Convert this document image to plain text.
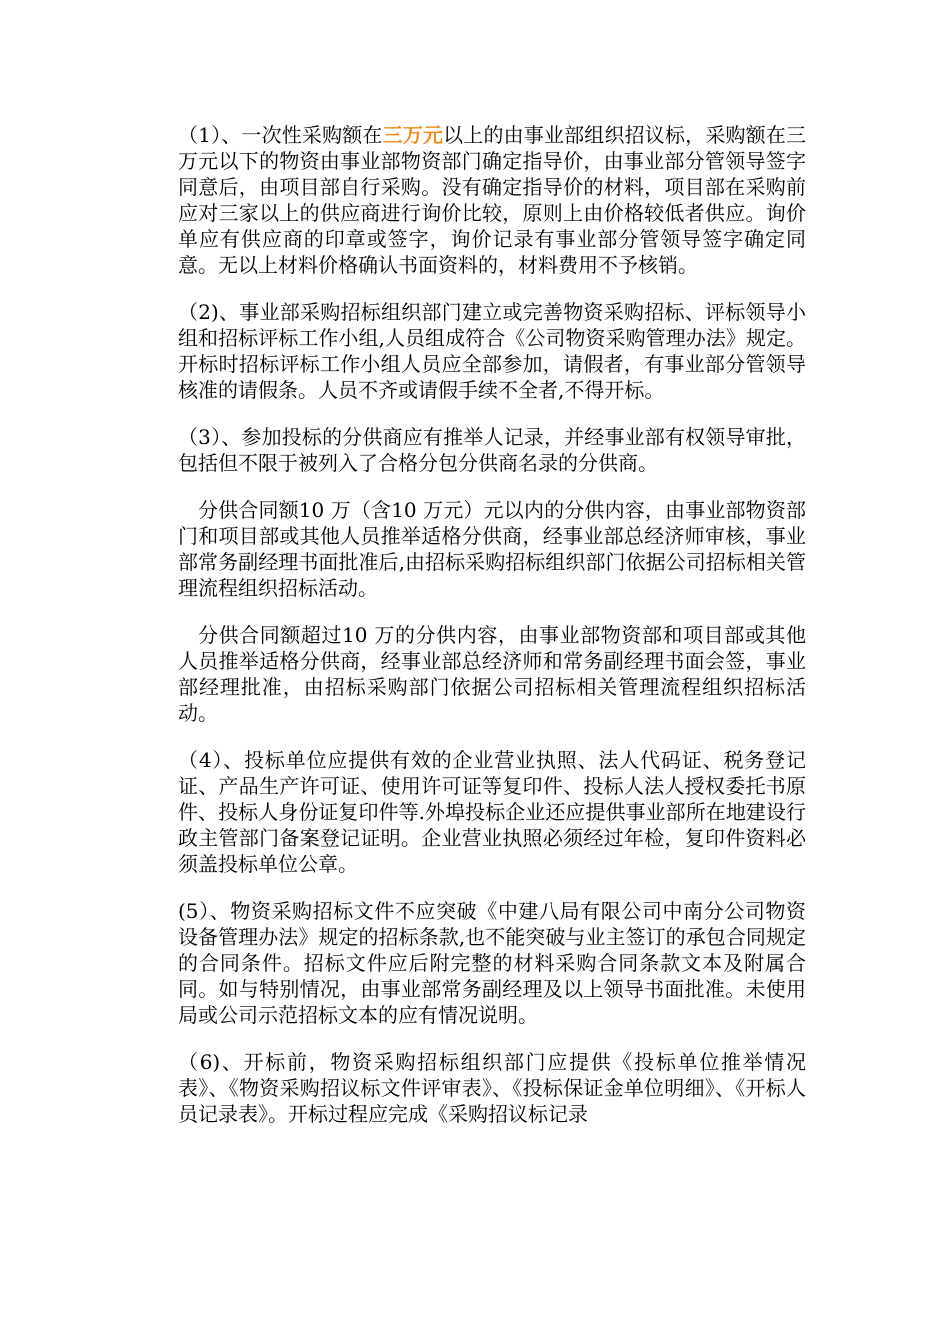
（1）、一次性采购额在三万元以上的由事业部组织招议标，采购额在三万元以下的物资由事业部物资部门确定指导价，由事业部分管领导签字同意后，由项目部自行采购。没有确定指导价的材料，项目部在采购前应对三家以上的供应商进行询价比较，原则上由价格较低者供应。询价单应有供应商的印章或签字，询价记录有事业部分管领导签字确定同意。无以上材料价格确认书面资料的，材料费用不予核销。

（2)、事业部采购招标组织部门建立或完善物资采购招标、评标领导小组和招标评标工作小组,人员组成符合《公司物资采购管理办法》规定。开标时招标评标工作小组人员应全部参加，请假者，有事业部分管领导核准的请假条。人员不齐或请假手续不全者,不得开标。

（3）、参加投标的分供商应有推举人记录，并经事业部有权领导审批，包括但不限于被列入了合格分包分供商名录的分供商。

分供合同额10 万（含10 万元）元以内的分供内容，由事业部物资部门和项目部或其他人员推举适格分供商，经事业部总经济师审核，事业部常务副经理书面批准后,由招标采购招标组织部门依据公司招标相关管理流程组织招标活动。

分供合同额超过10 万的分供内容，由事业部物资部和项目部或其他人员推举适格分供商，经事业部总经济师和常务副经理书面会签，事业部经理批准，由招标采购部门依据公司招标相关管理流程组织招标活动。

（4）、投标单位应提供有效的企业营业执照、法人代码证、税务登记证、产品生产许可证、使用许可证等复印件、投标人法人授权委托书原件、投标人身份证复印件等.外埠投标企业还应提供事业部所在地建设行政主管部门备案登记证明。企业营业执照必须经过年检，复印件资料必须盖投标单位公章。

(5）、物资采购招标文件不应突破《中建八局有限公司中南分公司物资设备管理办法》规定的招标条款,也不能突破与业主签订的承包合同规定的合同条件。招标文件应后附完整的材料采购合同条款文本及附属合同。如与特别情况，由事业部常务副经理及以上领导书面批准。未使用局或公司示范招标文本的应有情况说明。

（6)、开标前，物资采购招标组织部门应提供《投标单位推举情况表》、《物资采购招议标文件评审表》、《投标保证金单位明细》、《开标人员记录表》。开标过程应完成《采购招议标记录
